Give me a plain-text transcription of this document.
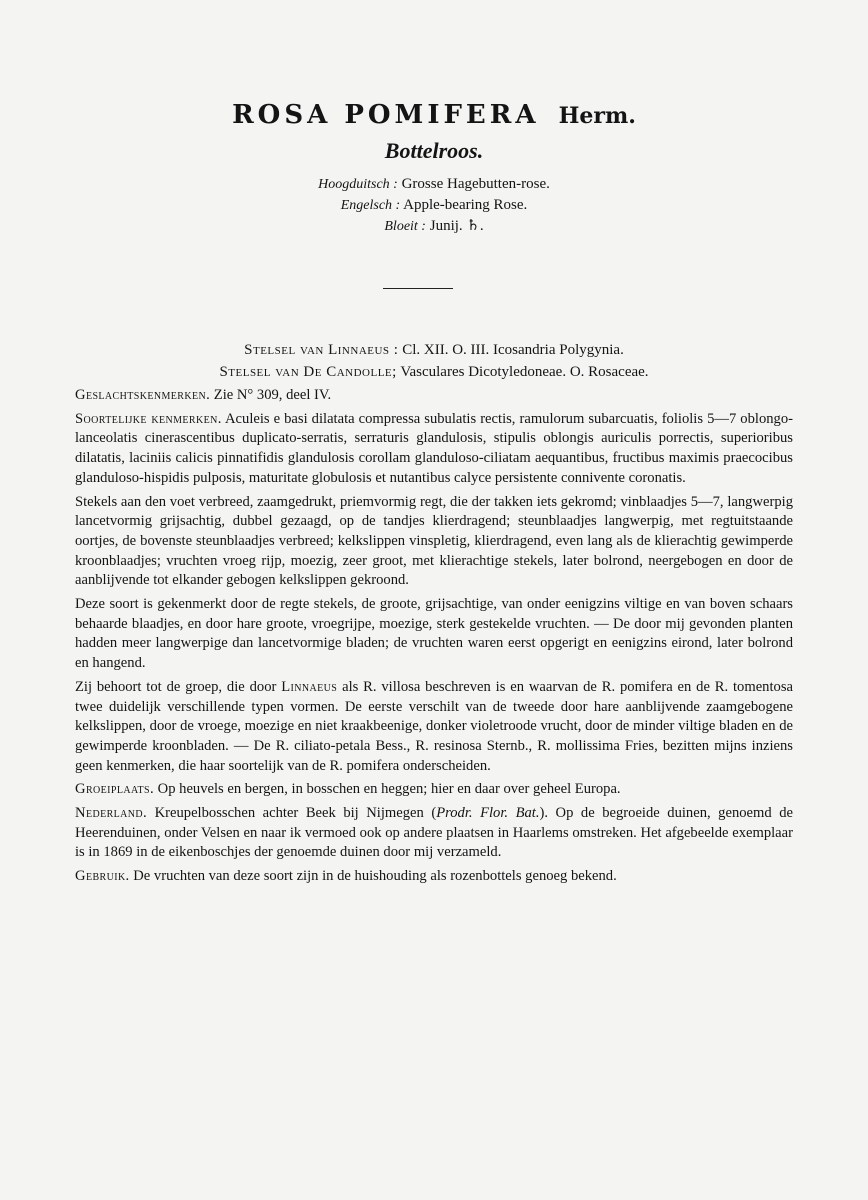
ROSA POMIFERA Herm.
Bottelroos.
Hoogduitsch : Grosse Hagebutten-rose.
Engelsch : Apple-bearing Rose.
Bloeit : Junij. ♄.
Stelsel van Linnaeus : Cl. XII. O. III. Icosandria Polygynia.
Stelsel van De Candolle; Vasculares Dicotyledoneae. O. Rosaceae.

Geslachtskenmerken. Zie N° 309, deel IV.

Soortelijke kenmerken. Aculeis e basi dilatata compressa subulatis rectis, ramulorum subarcuatis, foliolis 5—7 oblongo-lanceolatis cinerascentibus duplicato-serratis, serraturis glandulosis, stipulis oblongis auriculis porrectis, superioribus dilatatis, laciniis calicis pinnatifidis glandulosis corollam glanduloso-ciliatam aequantibus, fructibus maximis praecocibus glanduloso-hispidis pulposis, maturitate globulosis et nutantibus calyce persistente connivente coronatis.

Stekels aan den voet verbreed, zaamgedrukt, priemvormig regt, die der takken iets gekromd; vinblaadjes 5—7, langwerpig lancetvormig grijsachtig, dubbel gezaagd, op de tandjes klierdragend; steunblaadjes langwerpig, met regtuitstaande oortjes, de bovenste steunblaadjes verbreed; kelkslippen vinspletig, klierdragend, even lang als de klierachtig gewimperde kroonblaadjes; vruchten vroeg rijp, moezig, zeer groot, met klierachtige stekels, later bolrond, neergebogen en door de aanblijvende tot elkander gebogen kelkslippen gekroond.

Deze soort is gekenmerkt door de regte stekels, de groote, grijsachtige, van onder eenigzins viltige en van boven schaars behaarde blaadjes, en door hare groote, vroegrijpe, moezige, sterk gestekelde vruchten. — De door mij gevonden planten hadden meer langwerpige dan lancetvormige bladen; de vruchten waren eerst opgerigt en eenigzins eirond, later bolrond en hangend.

Zij behoort tot de groep, die door Linnaeus als R. villosa beschreven is en waarvan de R. pomifera en de R. tomentosa twee duidelijk verschillende typen vormen. De eerste verschilt van de tweede door hare aanblijvende zaamgebogene kelkslippen, door de vroege, moezige en niet kraakbeenige, donker violetroode vrucht, door de minder viltige bladen en de gewimperde kroonbladen. — De R. ciliato-petala Bess., R. resinosa Sternb., R. mollissima Fries, bezitten mijns inziens geen kenmerken, die haar soortelijk van de R. pomifera onderscheiden.

Groeiplaats. Op heuvels en bergen, in bosschen en heggen; hier en daar over geheel Europa.

Nederland. Kreupelbosschen achter Beek bij Nijmegen (Prodr. Flor. Bat.). Op de begroeide duinen, genoemd de Heerenduinen, onder Velsen en naar ik vermoed ook op andere plaatsen in Haarlems omstreken. Het afgebeelde exemplaar is in 1869 in de eikenboschjes der genoemde duinen door mij verzameld.

Gebruik. De vruchten van deze soort zijn in de huishouding als rozenbottels genoeg bekend.
